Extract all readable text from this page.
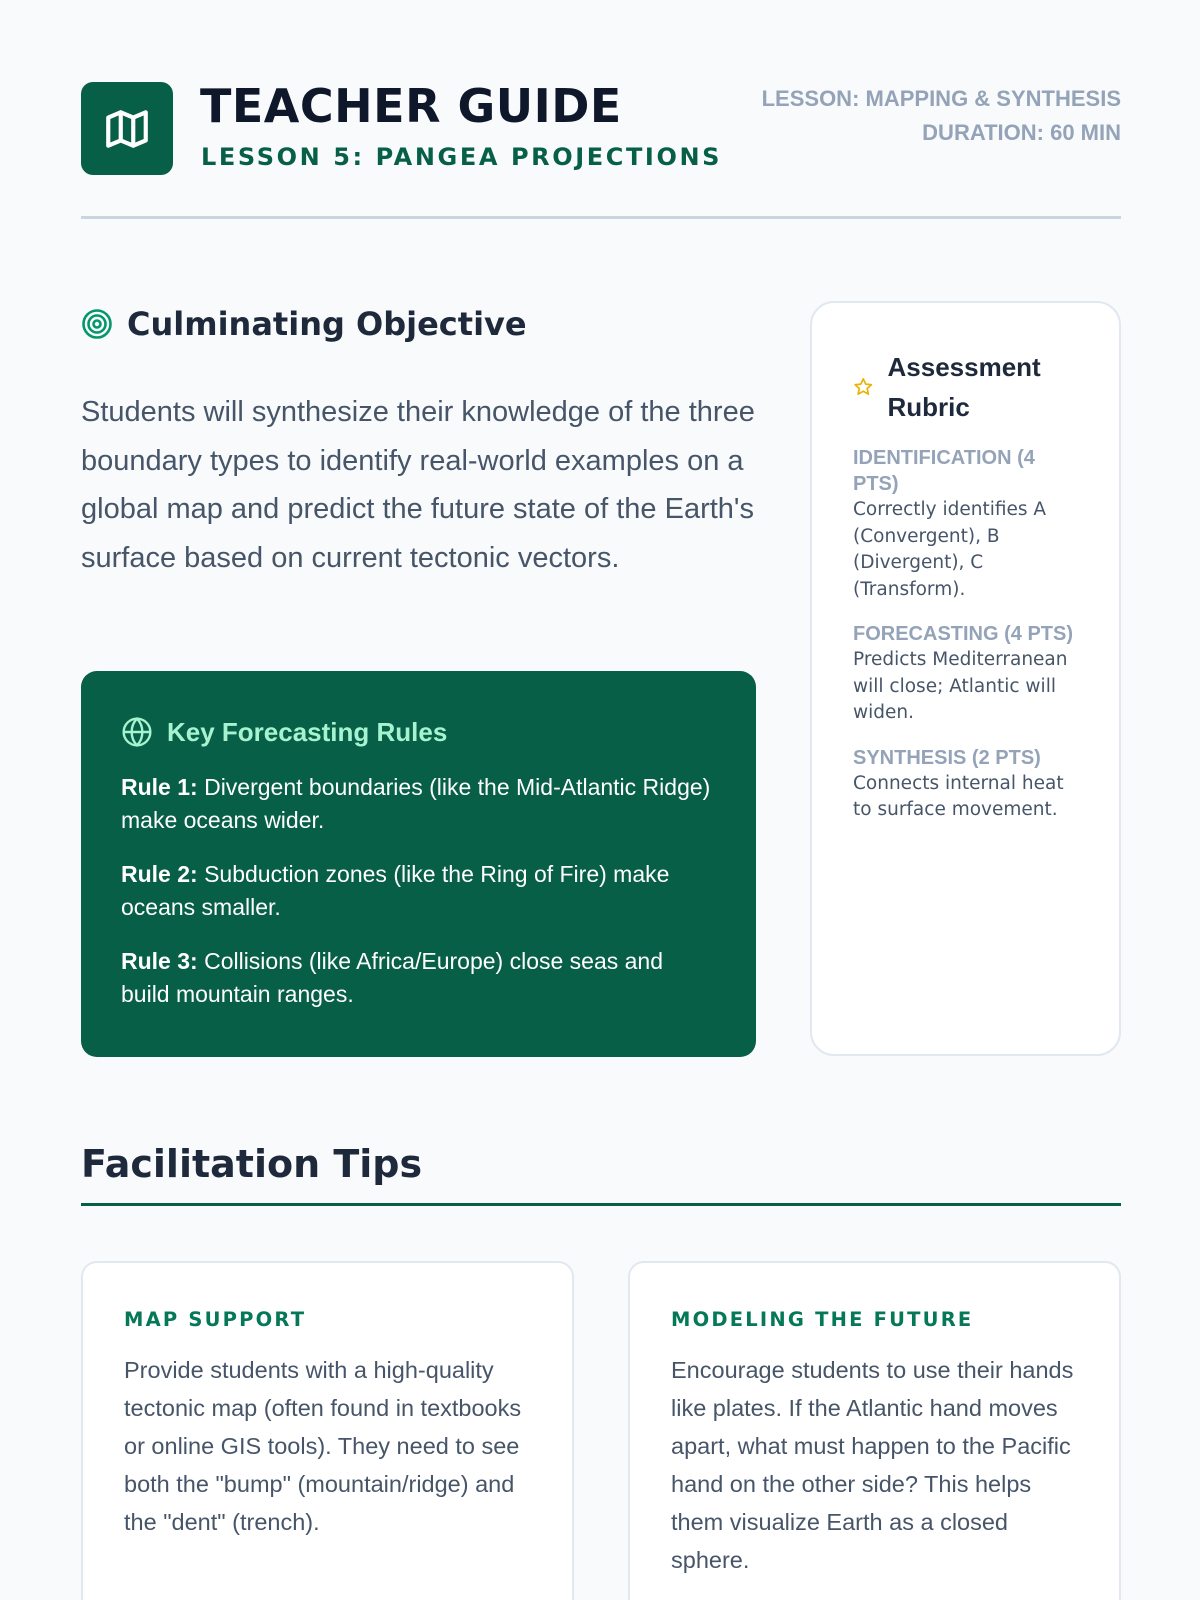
TEACHER GUIDE
LESSON 5: PANGEA PROJECTIONS
LESSON: MAPPING & SYNTHESIS
DURATION: 60 MIN
Culminating Objective

Students will synthesize their knowledge of the three boundary types to identify real-world examples on a global map and predict the future state of the Earth's surface based on current tectonic vectors.

Key Forecasting Rules

Rule 1: Divergent boundaries (like the Mid-Atlantic Ridge) make oceans wider.

Rule 2: Subduction zones (like the Ring of Fire) make oceans smaller.

Rule 3: Collisions (like Africa/Europe) close seas and build mountain ranges.

Assessment Rubric
IDENTIFICATION (4 PTS)
Correctly identifies A (Convergent), B (Divergent), C (Transform).
FORECASTING (4 PTS)
Predicts Mediterranean will close; Atlantic will widen.
SYNTHESIS (2 PTS)
Connects internal heat to surface movement.
Facilitation Tips
MAP SUPPORT

Provide students with a high-quality tectonic map (often found in textbooks or online GIS tools). They need to see both the "bump" (mountain/ridge) and the "dent" (trench).

MODELING THE FUTURE

Encourage students to use their hands like plates. If the Atlantic hand moves apart, what must happen to the Pacific hand on the other side? This helps them visualize Earth as a closed sphere.
